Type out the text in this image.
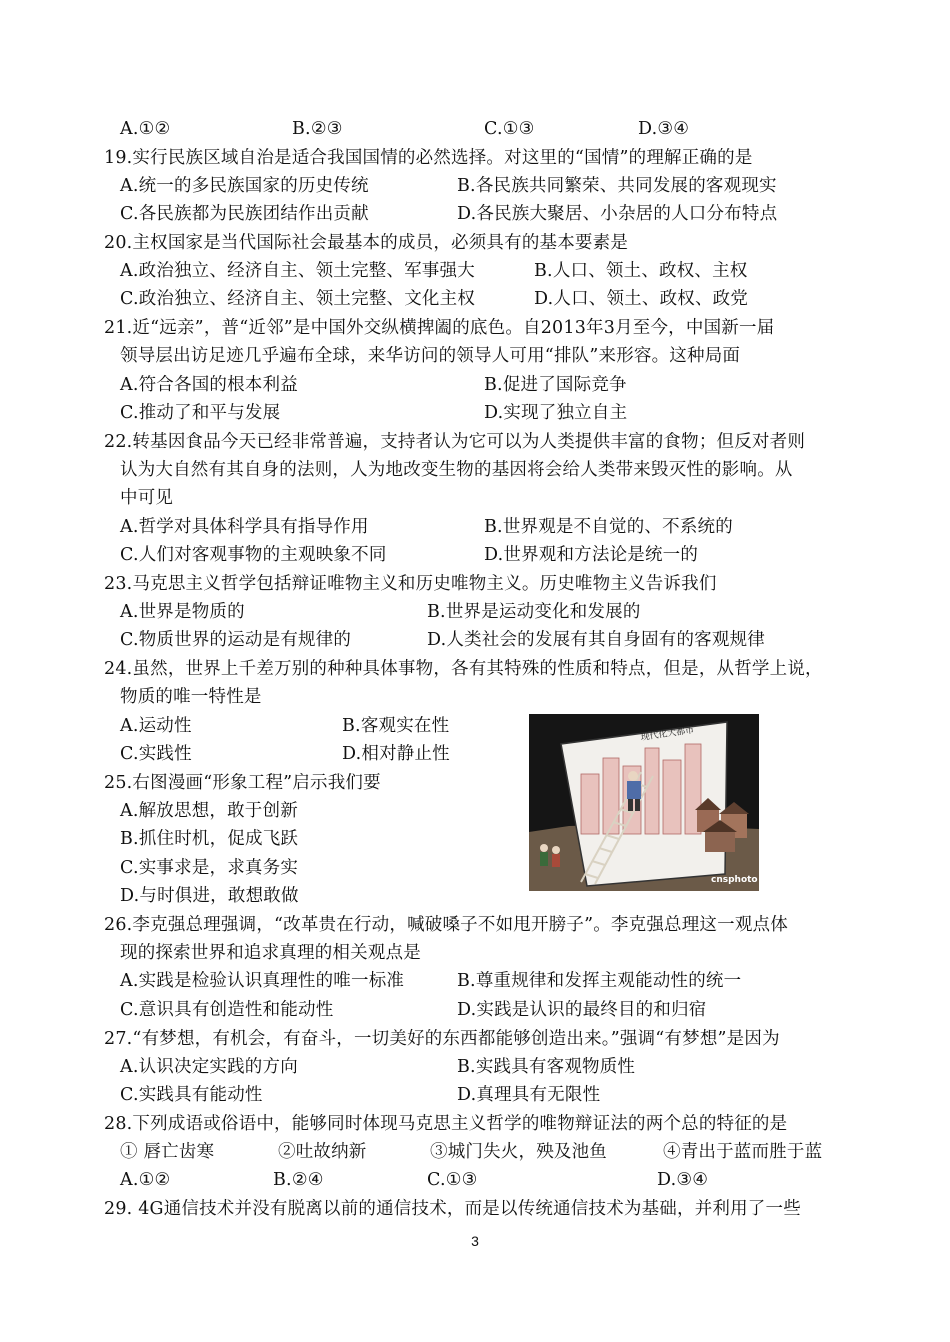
A.①②	B.②③	C.①③	D.③④
19.实行民族区域自治是适合我国国情的必然选择。对这里的“国情”的理解正确的是
A.统一的多民族国家的历史传统	B.各民族共同繁荣、共同发展的客观现实
C.各民族都为民族团结作出贡献	D.各民族大聚居、小杂居的人口分布特点
20.主权国家是当代国际社会最基本的成员，必须具有的基本要素是
A.政治独立、经济自主、领土完整、军事强大	B.人口、领土、政权、主权
C.政治独立、经济自主、领土完整、文化主权	D.人口、领土、政权、政党
21.近“远亲”，普“近邻”是中国外交纵横捭阖的底色。自2013年3月至今，中国新一届
领导层出访足迹几乎遍布全球，来华访问的领导人可用“排队”来形容。这种局面
A.符合各国的根本利益	B.促进了国际竞争
C.推动了和平与发展	D.实现了独立自主
22.转基因食品今天已经非常普遍，支持者认为它可以为人类提供丰富的食物；但反对者则
认为大自然有其自身的法则，人为地改变生物的基因将会给人类带来毁灭性的影响。从
中可见
A.哲学对具体科学具有指导作用	B.世界观是不自觉的、不系统的
C.人们对客观事物的主观映象不同	D.世界观和方法论是统一的
23.马克思主义哲学包括辩证唯物主义和历史唯物主义。历史唯物主义告诉我们
A.世界是物质的	B.世界是运动变化和发展的
C.物质世界的运动是有规律的	D.人类社会的发展有其自身固有的客观规律
24.虽然，世界上千差万别的种种具体事物，各有其特殊的性质和特点，但是，从哲学上说，
物质的唯一特性是
A.运动性	B.客观实在性
C.实践性	D.相对静止性
25.右图漫画“形象工程”启示我们要
A.解放思想，敢于创新
B.抓住时机，促成飞跃
C.实事求是，求真务实
D.与时俱进，敢想敢做
现代化大都市
cnsphoto
26.李克强总理强调，“改革贵在行动，喊破嗓子不如甩开膀子”。李克强总理这一观点体
现的探索世界和追求真理的相关观点是
A.实践是检验认识真理性的唯一标准	B.尊重规律和发挥主观能动性的统一
C.意识具有创造性和能动性	D.实践是认识的最终目的和归宿
27.“有梦想，有机会，有奋斗，一切美好的东西都能够创造出来。”强调“有梦想”是因为
A.认识决定实践的方向	B.实践具有客观物质性
C.实践具有能动性	D.真理具有无限性
28.下列成语或俗语中，能够同时体现马克思主义哲学的唯物辩证法的两个总的特征的是
① 唇亡齿寒	②吐故纳新	③城门失火，殃及池鱼	④青出于蓝而胜于蓝
A.①②	B.②④	C.①③	D.③④
29. 4G通信技术并没有脱离以前的通信技术，而是以传统通信技术为基础，并利用了一些
3
